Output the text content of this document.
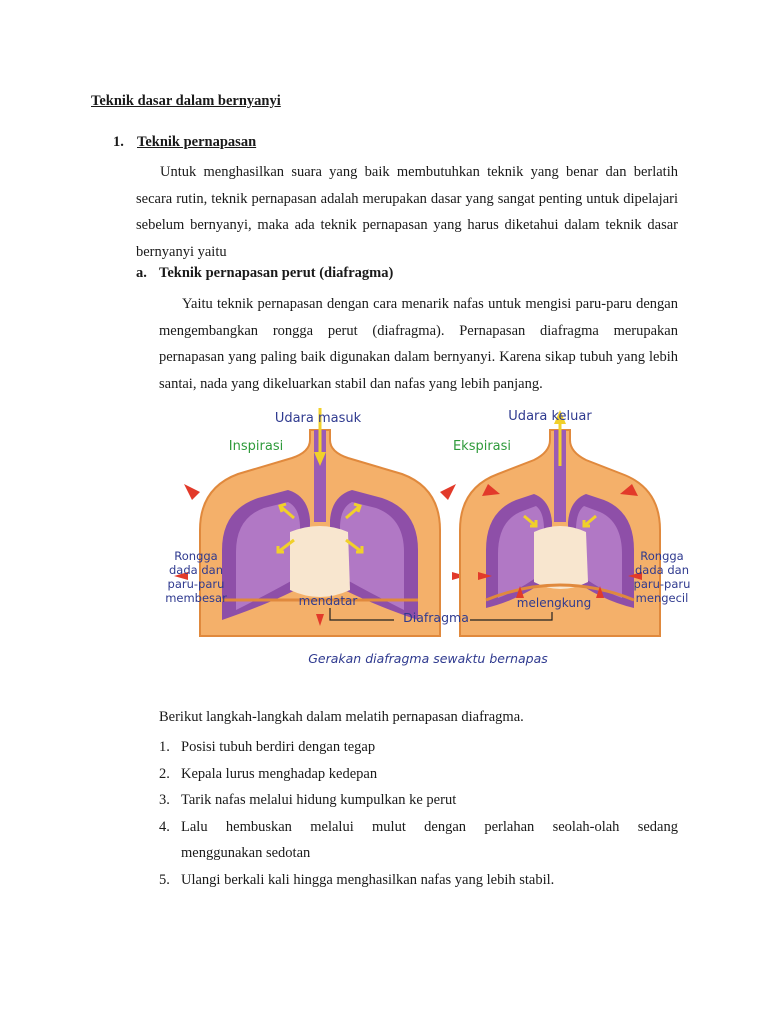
Teknik dasar dalam bernyanyi

1. Teknik pernapasan

Untuk menghasilkan suara yang baik membutuhkan teknik yang benar dan berlatih secara rutin, teknik pernapasan adalah merupakan dasar yang sangat penting untuk dipelajari sebelum bernyanyi, maka ada teknik pernapasan yang harus diketahui dalam teknik dasar bernyanyi yaitu

a. Teknik pernapasan perut (diafragma)

Yaitu teknik pernapasan dengan cara menarik nafas untuk mengisi paru-paru dengan mengembangkan rongga perut (diafragma). Pernapasan diafragma merupakan pernapasan yang paling baik digunakan dalam bernyanyi. Karena sikap tubuh yang lebih santai, nada yang dikeluarkan stabil dan nafas yang lebih panjang.

Udara masuk	Udara keluar
Inspirasi	Ekspirasi
Rongga
dada dan
paru-paru
membesar
Rongga
dada dan
paru-paru
mengecil
mendatar	melengkung
Diafragma
Gerakan diafragma sewaktu bernapas

Berikut langkah-langkah dalam melatih pernapasan diafragma.

1. Posisi tubuh berdiri dengan tegap
2. Kepala lurus menghadap kedepan
3. Tarik nafas melalui hidung kumpulkan ke perut
4. Lalu hembuskan melalui mulut dengan perlahan seolah-olah sedang
menggunakan sedotan
5. Ulangi berkali kali hingga menghasilkan nafas yang lebih stabil.
